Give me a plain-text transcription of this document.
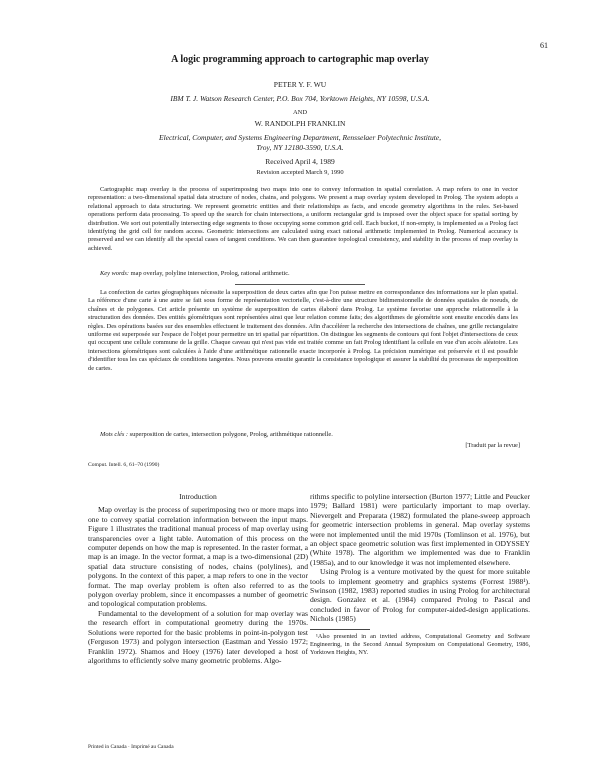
61
A logic programming approach to cartographic map overlay
PETER Y. F. WU
IBM T. J. Watson Research Center, P.O. Box 704, Yorktown Heights, NY 10598, U.S.A.
AND
W. RANDOLPH FRANKLIN
Electrical, Computer, and Systems Engineering Department, Rensselaer Polytechnic Institute,
Troy, NY 12180-3590, U.S.A.
Received April 4, 1989
Revision accepted March 9, 1990

Cartographic map overlay is the process of superimposing two maps into one to convey information in spatial correlation. A map refers to one in vector representation: a two-dimensional spatial data structure of nodes, chains, and polygons. We present a map overlay system developed in Prolog. The system adopts a relational approach to data structuring. We represent geometric entities and their relationships as facts, and encode geometry algorithms in the rules. Set-based operations perform data processing. To speed up the search for chain intersections, a uniform rectangular grid is imposed over the object space for spatial sorting by distribution. We sort out potentially intersecting edge segments to those occupying some common grid cell. Each bucket, if non-empty, is implemented as a Prolog fact identifying the grid cell for random access. Geometric intersections are calculated using exact rational arithmetic implemented in Prolog. Numerical accuracy is preserved and we can identify all the special cases of tangent conditions. We can then guarantee topological consistency, and stability in the process of map overlay is achieved.

Key words: map overlay, polyline intersection, Prolog, rational arithmetic.

La confection de cartes géographiques nécessite la superposition de deux cartes afin que l'on puisse mettre en correspondance des informations sur le plan spatial. La référence d'une carte à une autre se fait sous forme de représentation vectorielle, c'est-à-dire une structure bidimensionnelle de données spatiales de noeuds, de chaînes et de polygones. Cet article présente un système de superposition de cartes élaboré dans Prolog. Le système favorise une approche relationnelle à la structuration des données. Des entités géométriques sont représentées ainsi que leur relation comme faits; des algorithmes de géométrie sont ensuite encodés dans les règles. Des opérations basées sur des ensembles effectuent le traitement des données. Afin d'accélérer la recherche des intersections de chaînes, une grille rectangulaire uniforme est superposée sur l'espace de l'objet pour permettre un tri spatial par répartition. On distingue les segments de contours qui font l'objet d'intersections de ceux qui occupent une cellule commune de la grille. Chaque caveau qui n'est pas vide est traitée comme un fait Prolog identifiant la cellule en vue d'un accès aléatoire. Les intersections géométriques sont calculées à l'aide d'une arithmétique rationnelle exacte incorporée à Prolog. La précision numérique est préservée et il est possible d'identifier tous les cas spéciaux de conditions tangentes. Nous pouvons ensuite garantir la consistance topologique et assurer la stabilité du processus de superposition de cartes.

Mots clés : superposition de cartes, intersection polygone, Prolog, arithmétique rationnelle.

[Traduit par la revue]
Comput. Intell. 6, 61–70 (1990)

Introduction

Map overlay is the process of superimposing two or more maps into one to convey spatial correlation information between the input maps. Figure 1 illustrates the traditional manual process of map overlay using transparencies over a light table. Automation of this process on the computer depends on how the map is represented. In the raster format, a map is an image. In the vector format, a map is a two-dimensional (2D) spatial data structure consisting of nodes, chains (polylines), and polygons. In the context of this paper, a map refers to one in the vector format. The map overlay problem is often also referred to as the polygon overlay problem, since it encompasses a number of geometric and topological computation problems.

Fundamental to the development of a solution for map overlay was the research effort in computational geometry during the 1970s. Solutions were reported for the basic problems in point-in-polygon test (Ferguson 1973) and polygon intersection (Eastman and Yessio 1972; Franklin 1972). Shamos and Hoey (1976) later developed a host of algorithms to efficiently solve many geometric problems. Algo-

rithms specific to polyline intersection (Burton 1977; Little and Peucker 1979; Ballard 1981) were particularly important to map overlay. Nievergelt and Preparata (1982) formulated the plane-sweep approach for geometric intersection problems in general. Map overlay systems were not implemented until the mid 1970s (Tomlinson et al. 1976), but an object space geometric solution was first implemented in ODYSSEY (White 1978). The algorithm we implemented was due to Franklin (1985a), and to our knowledge it was not implemented elsewhere.

Using Prolog is a venture motivated by the quest for more suitable tools to implement geometry and graphics systems (Forrest 1988¹). Swinson (1982, 1983) reported studies in using Prolog for architectural design. Gonzalez et al. (1984) compared Prolog to Pascal and concluded in favor of Prolog for computer-aided-design applications. Nichols (1985)

¹Also presented in an invited address, Computational Geometry and Software Engineering, in the Second Annual Symposium on Computational Geometry, 1986, Yorktown Heights, NY.

Printed in Canada · Imprimé au Canada
